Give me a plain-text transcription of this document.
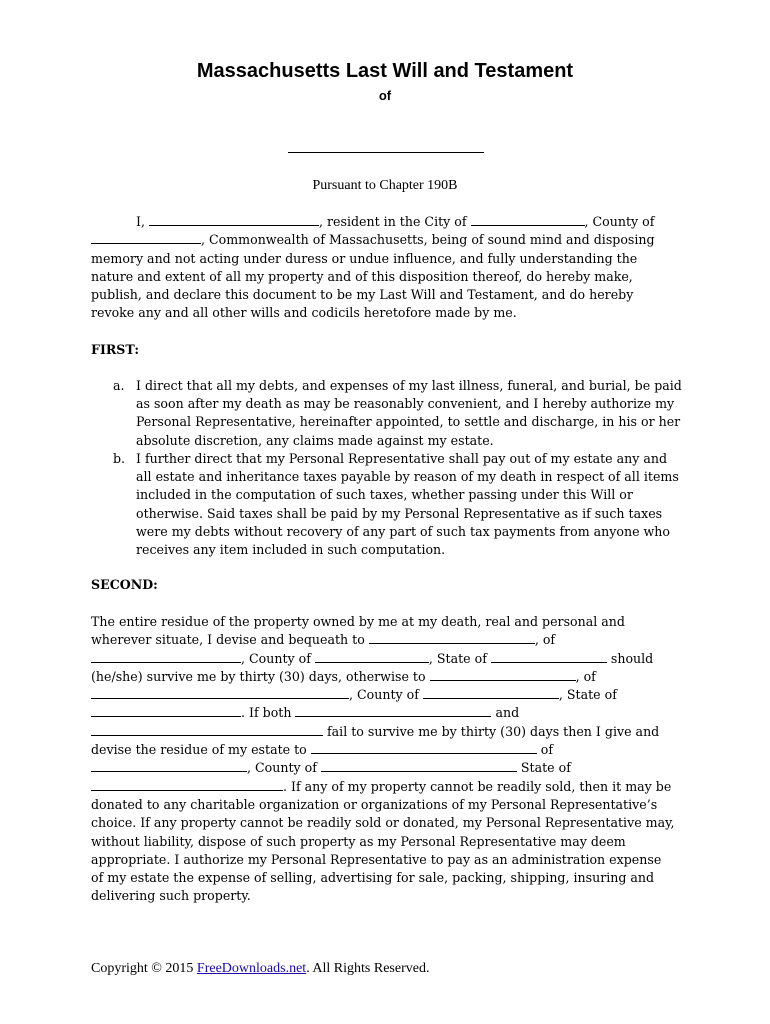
Massachusetts Last Will and Testament
of
Pursuant to Chapter 190B
I,	, resident in the City of	, County of
, Commonwealth of Massachusetts, being of sound mind and disposing
memory and not acting under duress or undue influence, and fully understanding the
nature and extent of all my property and of this disposition thereof, do hereby make,
publish, and declare this document to be my Last Will and Testament, and do hereby
revoke any and all other wills and codicils heretofore made by me.
FIRST:
a. I direct that all my debts, and expenses of my last illness, funeral, and burial, be paid
as soon after my death as may be reasonably convenient, and I hereby authorize my
Personal Representative, hereinafter appointed, to settle and discharge, in his or her
absolute discretion, any claims made against my estate.
b. I further direct that my Personal Representative shall pay out of my estate any and
all estate and inheritance taxes payable by reason of my death in respect of all items
included in the computation of such taxes, whether passing under this Will or
otherwise. Said taxes shall be paid by my Personal Representative as if such taxes
were my debts without recovery of any part of such tax payments from anyone who
receives any item included in such computation.
SECOND:
The entire residue of the property owned by me at my death, real and personal and
wherever situate, I devise and bequeath to	, of
, County of	, State of	should
(he/she) survive me by thirty (30) days, otherwise to	, of
, County of	, State of
. If both	and
fail to survive me by thirty (30) days then I give and
devise the residue of my estate to	of
, County of	State of
. If any of my property cannot be readily sold, then it may be
donated to any charitable organization or organizations of my Personal Representative’s
choice. If any property cannot be readily sold or donated, my Personal Representative may,
without liability, dispose of such property as my Personal Representative may deem
appropriate. I authorize my Personal Representative to pay as an administration expense
of my estate the expense of selling, advertising for sale, packing, shipping, insuring and
delivering such property.
Copyright © 2015 FreeDownloads.net. All Rights Reserved.
